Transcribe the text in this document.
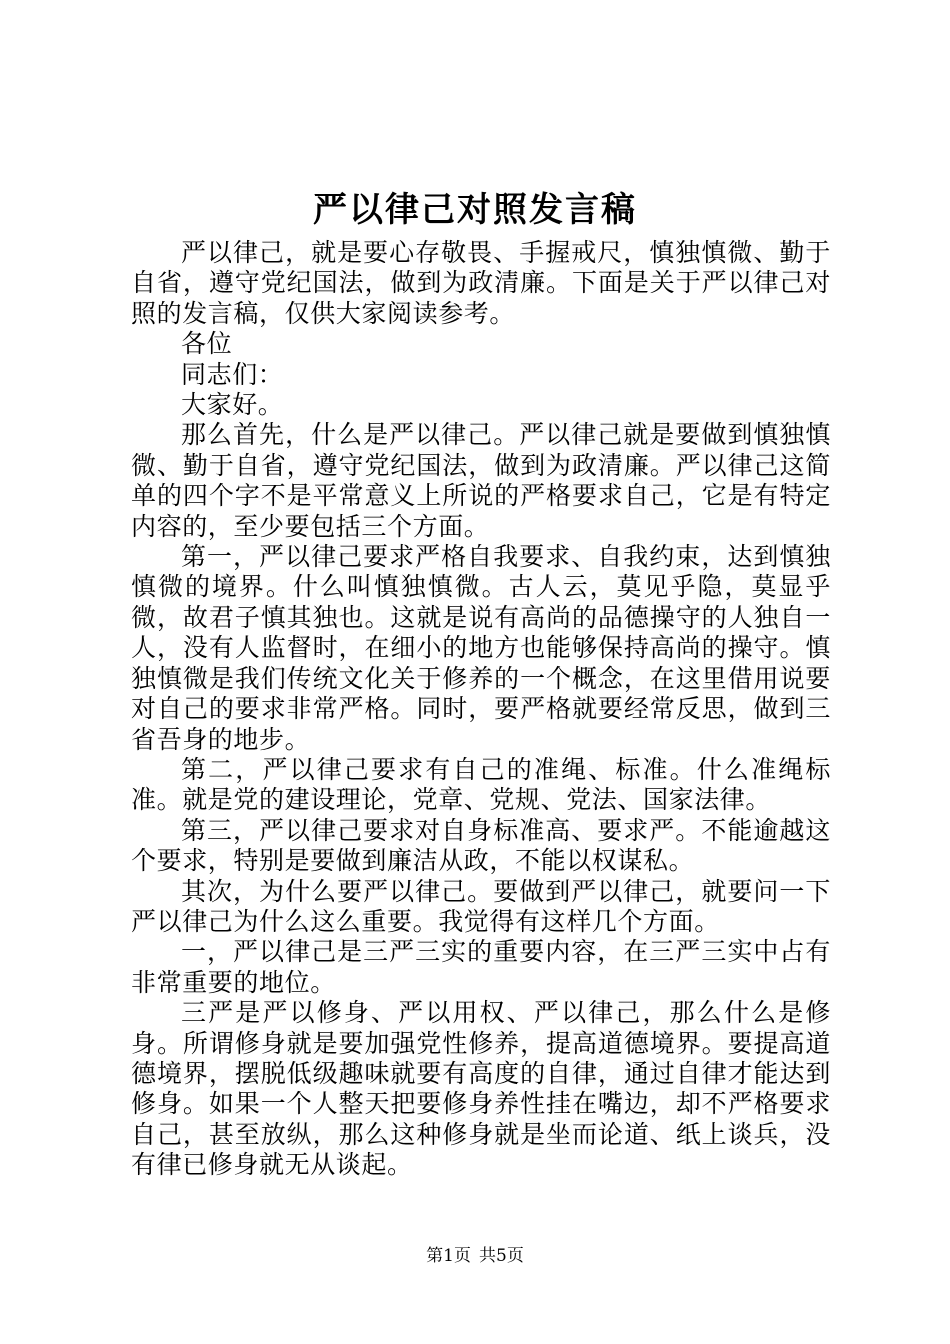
严以律己对照发言稿

严以律己，就是要心存敬畏、手握戒尺，慎独慎微、勤于自省，遵守党纪国法，做到为政清廉。下面是关于严以律己对照的发言稿，仅供大家阅读参考。

各位

同志们：

大家好。

那么首先，什么是严以律己。严以律己就是要做到慎独慎微、勤于自省，遵守党纪国法，做到为政清廉。严以律己这简单的四个字不是平常意义上所说的严格要求自己，它是有特定内容的，至少要包括三个方面。

第一，严以律己要求严格自我要求、自我约束，达到慎独慎微的境界。什么叫慎独慎微。古人云，莫见乎隐，莫显乎微，故君子慎其独也。这就是说有高尚的品德操守的人独自一人，没有人监督时，在细小的地方也能够保持高尚的操守。慎独慎微是我们传统文化关于修养的一个概念，在这里借用说要对自己的要求非常严格。同时，要严格就要经常反思，做到三省吾身的地步。

第二，严以律己要求有自己的准绳、标准。什么准绳标准。就是党的建设理论，党章、党规、党法、国家法律。

第三，严以律己要求对自身标准高、要求严。不能逾越这个要求，特别是要做到廉洁从政，不能以权谋私。

其次，为什么要严以律己。要做到严以律己，就要问一下严以律己为什么这么重要。我觉得有这样几个方面。

一，严以律己是三严三实的重要内容，在三严三实中占有非常重要的地位。

三严是严以修身、严以用权、严以律己，那么什么是修身。所谓修身就是要加强党性修养，提高道德境界。要提高道德境界，摆脱低级趣味就要有高度的自律，通过自律才能达到修身。如果一个人整天把要修身养性挂在嘴边，却不严格要求自己，甚至放纵，那么这种修身就是坐而论道、纸上谈兵，没有律已修身就无从谈起。

第1页 共5页
